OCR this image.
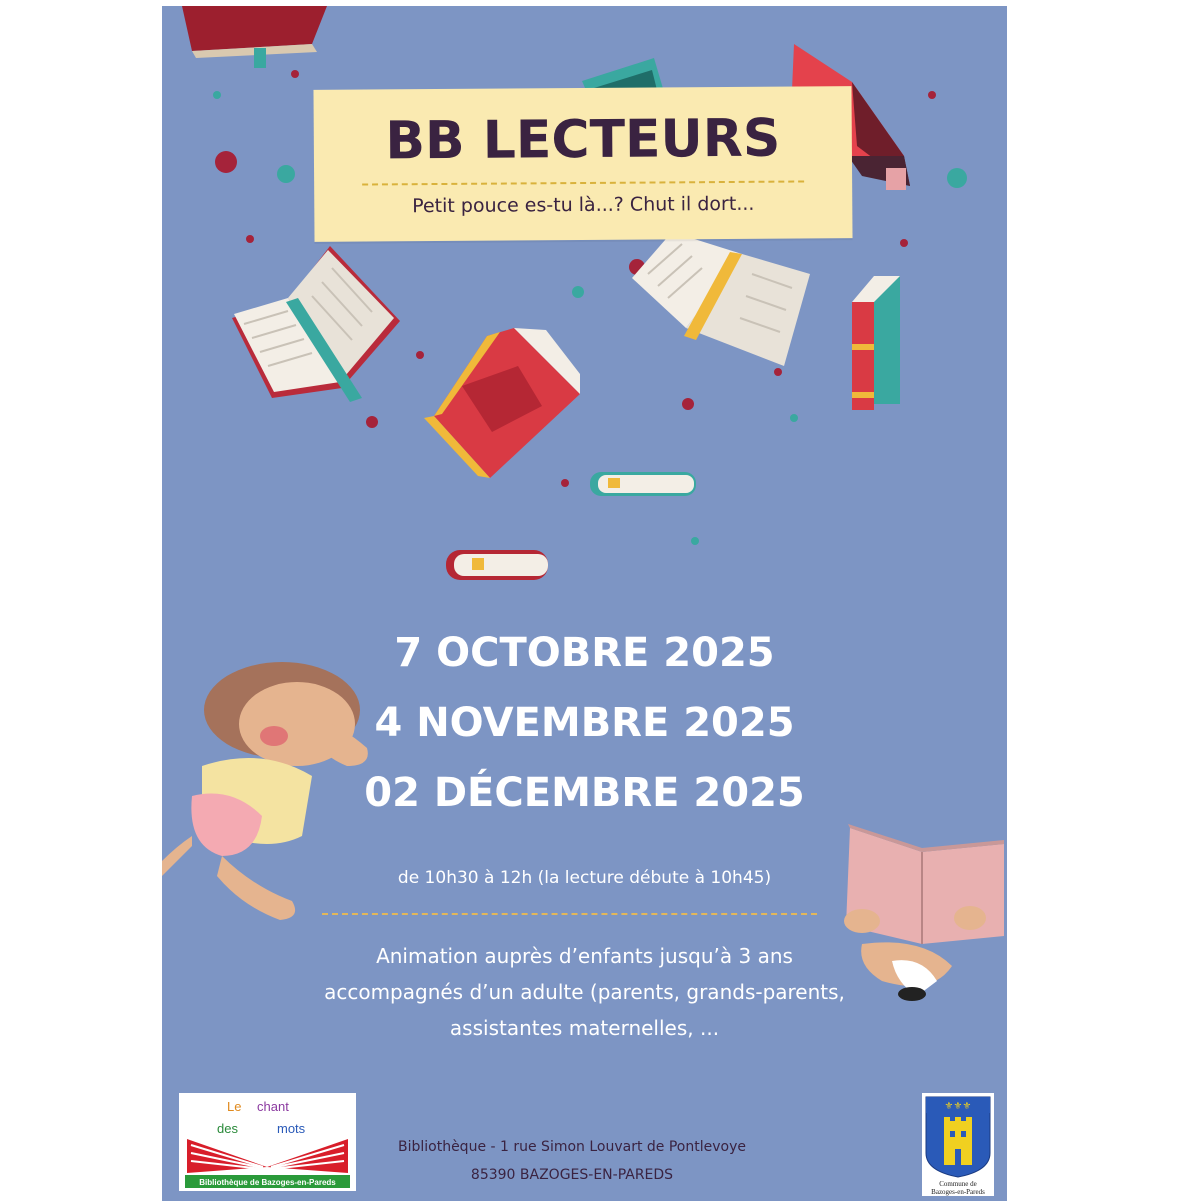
BB LECTEURS
Petit pouce es-tu là...? Chut il dort...
7 OCTOBRE 2025
4 NOVEMBRE 2025
02 DÉCEMBRE 2025
de 10h30 à 12h (la lecture débute à 10h45)
Animation auprès d’enfants jusqu’à 3 ans
accompagnés d’un adulte (parents, grands-parents,
assistantes maternelles, ...
Le chant
des	mots
Bibliothèque de Bazoges-en-Pareds
Bibliothèque - 1 rue Simon Louvart de Pontlevoye
85390 BAZOGES-EN-PAREDS
⚜⚜⚜
Commune de
Bazoges-en-Pareds
